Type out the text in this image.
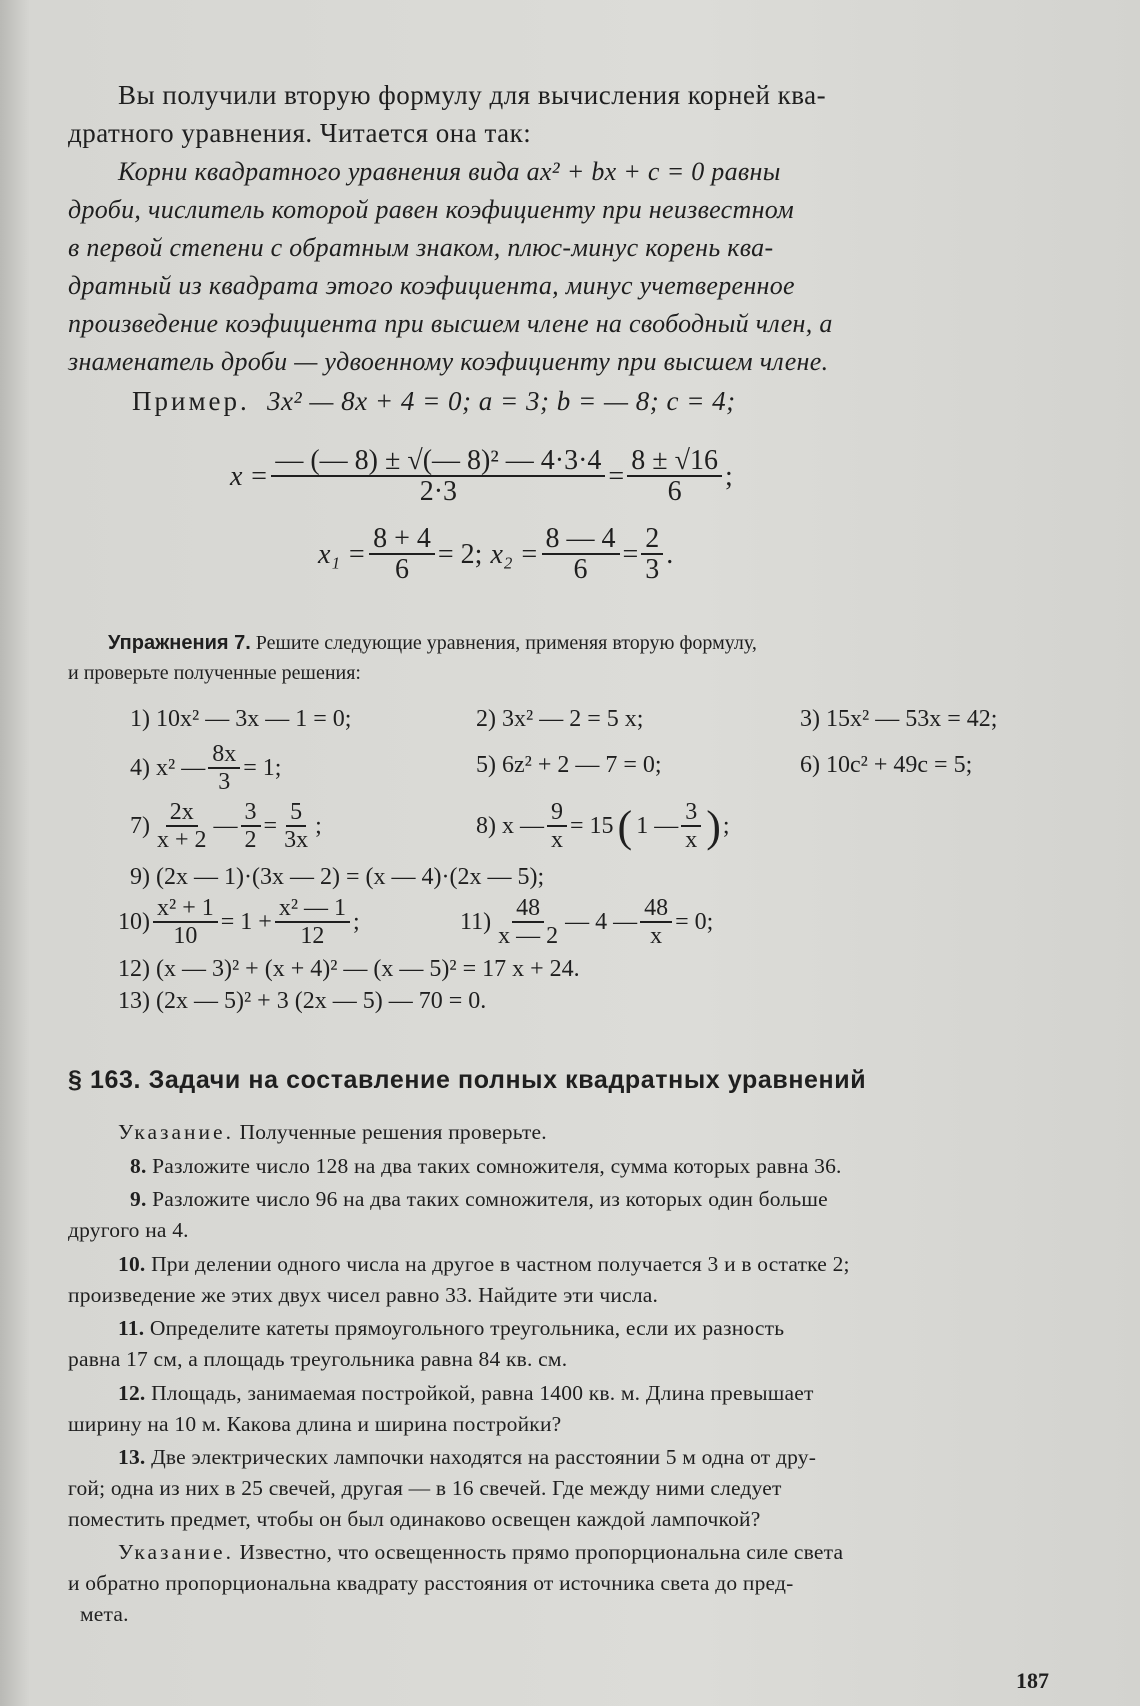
Вы получили вторую формулу для вычисления корней ква-
дратного уравнения. Читается она так:
Корни квадратного уравнения вида ax² + bx + c = 0 равны
дроби, числитель которой равен коэфициенту при неизвестном
в первой степени с обратным знаком, плюс-минус корень ква-
дратный из квадрата этого коэфициента, минус учетверенное
произведение коэфициента при высшем члене на свободный член, а
знаменатель дроби — удвоенному коэфициенту при высшем члене.
Пример. 3x² — 8x + 4 = 0; a = 3; b = — 8; c = 4;
$x = \frac{\text{— (— 8) ± √(— 8)² — 4·3·4}}{2\cdot 3} = \frac{8 \pm √16}{6}$ ;
$x_1 = \frac{8 + 4}{6} = 2$; $x_2 = \frac{8 — 4}{6} = \frac{2}{3}$ .
Упражнения 7. Решите следующие уравнения, применяя вторую формулу,
и проверьте полученные решения:
1) 10x² — 3x — 1 = 0;	2) 3x² — 2 = 5 x;	3) 15x² — 53x = 42;
4) x² — $\frac{8x}{3} = 1$;	5) 6z² + 2 — 7 = 0;	6) 10c² + 49c = 5;
$7) \frac{2x}{x + 2}$ — $\frac{3}{2} = \frac{5}{3x}$ ;	8) x — $\frac{9}{x} = 15$ ( 1 — $\frac{3}{x}$ ) ;
9) (2x — 1)·(3x — 2) = (x — 4)·(2x — 5);
$10) \frac{\text{x² + 1}}{10} = 1 + \frac{\text{x² — 1}}{12}$ ;	$11) \frac{48}{x — 2}$ — 4 — $\frac{48}{x} = 0$;
12) (x — 3)² + (x + 4)² — (x — 5)² = 17 x + 24.
13) (2x — 5)² + 3 (2x — 5) — 70 = 0.
§ 163. Задачи на составление полных квадратных уравнений
Указание. Полученные решения проверьте.
8. Разложите число 128 на два таких сомножителя, сумма которых равна 36.
9. Разложите число 96 на два таких сомножителя, из которых один больше
другого на 4.
10. При делении одного числа на другое в частном получается 3 и в остатке 2;
произведение же этих двух чисел равно 33. Найдите эти числа.
11. Определите катеты прямоугольного треугольника, если их разность
равна 17 см, а площадь треугольника равна 84 кв. см.
12. Площадь, занимаемая постройкой, равна 1400 кв. м. Длина превышает
ширину на 10 м. Какова длина и ширина постройки?
13. Две электрических лампочки находятся на расстоянии 5 м одна от дру-
гой; одна из них в 25 свечей, другая — в 16 свечей. Где между ними следует
поместить предмет, чтобы он был одинаково освещен каждой лампочкой?
Указание. Известно, что освещенность прямо пропорциональна силе света
и обратно пропорциональна квадрату расстояния от источника света до пред-
мета.
187
